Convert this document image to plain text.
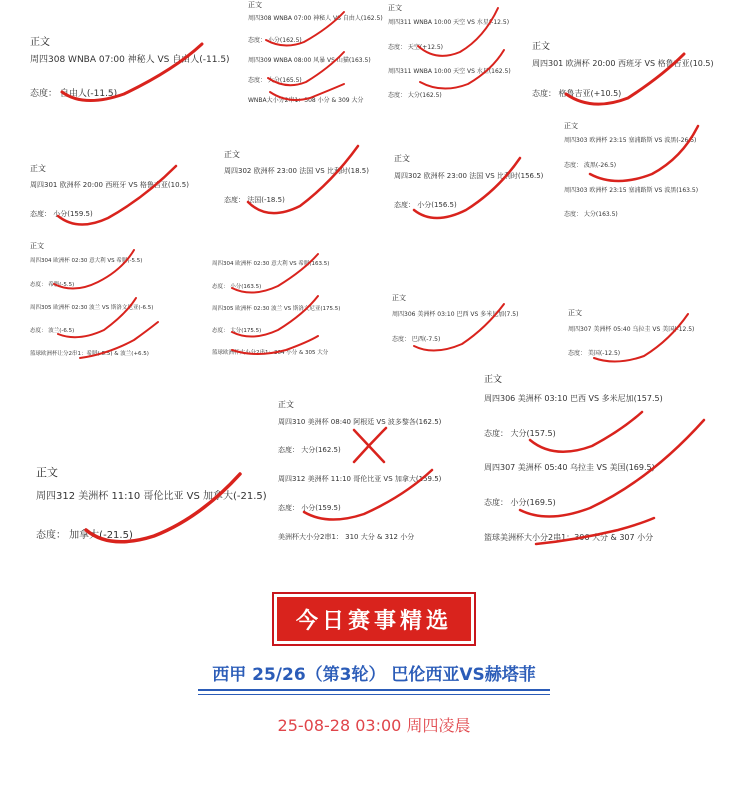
正文
周四308 WNBA 07:00 神秘人 VS 自由人(-11.5)
态度： 自由人(-11.5)
正文
周四308 WNBA 07:00 神秘人 VS 自由人(162.5)
态度： 小分(162.5)
周四309 WNBA 08:00 风暴 VS 山猫(163.5)
态度： 大分(165.5)
WNBA大小分2串1：308 小分 & 309 大分
正文
周四311 WNBA 10:00 天空 VS 水星(-12.5)
态度： 天空(+12.5)
周四311 WNBA 10:00 天空 VS 水星(162.5)
态度： 大分(162.5)
正文
周四301 欧洲杯 20:00 西班牙 VS 格鲁吉亚(10.5)
态度： 格鲁吉亚(+10.5)
正文
周四301 欧洲杯 20:00 西班牙 VS 格鲁吉亚(10.5)
态度： 小分(159.5)
正文
周四302 欧洲杯 23:00 法国 VS 比利时(18.5)
态度： 法国(-18.5)
正文
周四302 欧洲杯 23:00 法国 VS 比利时(156.5)
态度： 小分(156.5)
正文
周四303 欧洲杯 23:15 塞浦路斯 VS 波黑(-26.5)
态度： 波黑(-26.5)
周四303 欧洲杯 23:15 塞浦路斯 VS 波黑(163.5)
态度： 大分(163.5)
正文
周四304 欧洲杯 02:30 意大利 VS 希腊(-5.5)
态度： 希腊(-5.5)
周四305 欧洲杯 02:30 波兰 VS 斯洛文尼亚(-6.5)
态度： 波兰(-6.5)
篮球欧洲杯让分2串1：希腊(-5.5) & 波兰(+6.5)
周四304 欧洲杯 02:30 意大利 VS 希腊(163.5)
态度： 小分(163.5)
周四305 欧洲杯 02:30 波兰 VS 斯洛文尼亚(175.5)
态度： 大分(175.5)
篮球欧洲杯大小分2串1：304 小分 & 305 大分
正文
周四306 美洲杯 03:10 巴西 VS 多米尼加(7.5)
态度： 巴西(-7.5)
正文
周四307 美洲杯 05:40 乌拉圭 VS 美国(-12.5)
态度： 美国(-12.5)
正文
周四312 美洲杯 11:10 哥伦比亚 VS 加拿大(-21.5)
态度： 加拿大(-21.5)
正文
周四310 美洲杯 08:40 阿根廷 VS 波多黎各(162.5)
态度： 大分(162.5)
周四312 美洲杯 11:10 哥伦比亚 VS 加拿大(159.5)
态度： 小分(159.5)
美洲杯大小分2串1： 310 大分 & 312 小分
正文
周四306 美洲杯 03:10 巴西 VS 多米尼加(157.5)
态度： 大分(157.5)
周四307 美洲杯 05:40 乌拉圭 VS 美国(169.5)
态度： 小分(169.5)
篮球美洲杯大小分2串1：306 大分 & 307 小分
今日赛事精选
西甲 25/26（第3轮） 巴伦西亚VS赫塔菲
25-08-28 03:00 周四凌晨
